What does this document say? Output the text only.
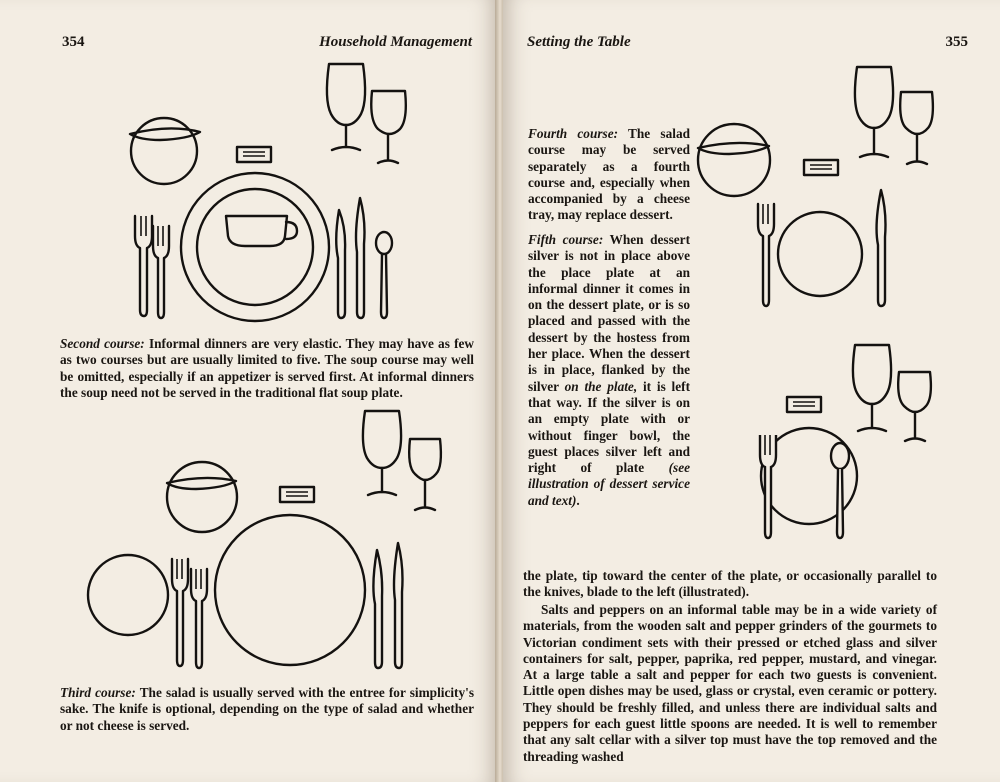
354	Household Management

Second course: Informal dinners are very elastic. They may have as few as two courses but are usually limited to five. The soup course may well be omitted, especially if an appetizer is served first. At informal dinners the soup need not be served in the traditional flat soup plate.

Third course: The salad is usually served with the entree for simplicity's sake. The knife is optional, depending on the type of salad and whether or not cheese is served.

Setting the Table	355

Fourth course: The salad course may be served separately as a fourth course and, especially when accompanied by a cheese tray, may replace dessert.

Fifth course: When dessert silver is not in place above the place plate at an informal dinner it comes in on the dessert plate, or is so placed and passed with the dessert by the hostess from her place. When the dessert is in place, flanked by the silver on the plate, it is left that way. If the silver is on an empty plate with or without finger bowl, the guest places silver left and right of plate (see illustration of dessert service and text).

the plate, tip toward the center of the plate, or occasionally parallel to the knives, blade to the left (illustrated).

Salts and peppers on an informal table may be in a wide variety of materials, from the wooden salt and pepper grinders of the gourmets to Victorian condiment sets with their pressed or etched glass and silver containers for salt, pepper, paprika, red pepper, mustard, and vinegar. At a large table a salt and pepper for each two guests is convenient. Little open dishes may be used, glass or crystal, even ceramic or pottery. They should be freshly filled, and unless there are individual salts and peppers for each guest little spoons are needed. It is well to remember that any salt cellar with a silver top must have the top removed and the threading washed
